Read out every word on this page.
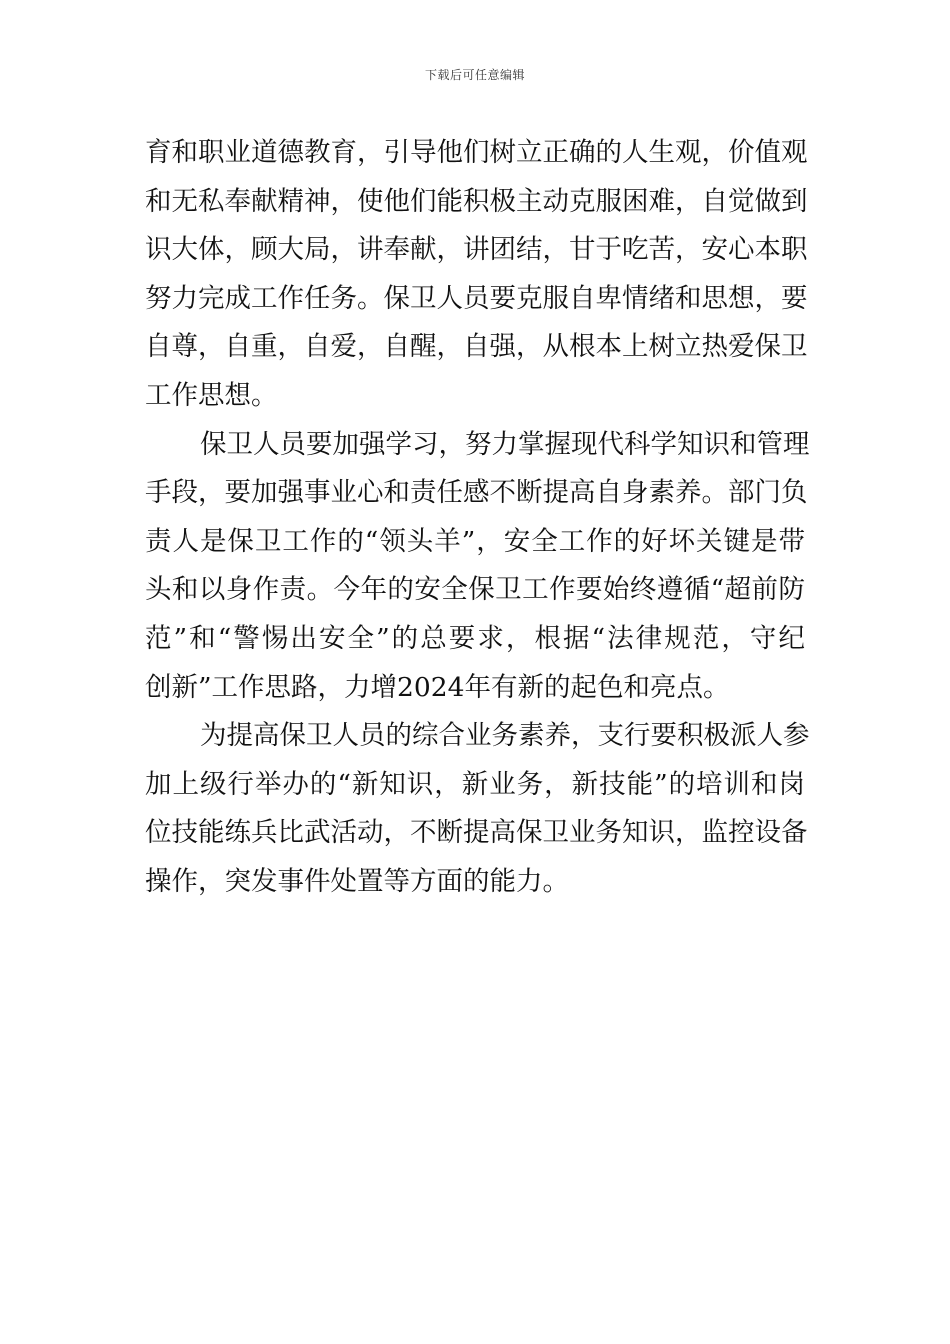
下载后可任意编辑
育和职业道德教育，引导他们树立正确的人生观，价值观
和无私奉献精神，使他们能积极主动克服困难，自觉做到
识大体，顾大局，讲奉献，讲团结，甘于吃苦，安心本职
努力完成工作任务。保卫人员要克服自卑情绪和思想，要
自尊，自重，自爱，自醒，自强，从根本上树立热爱保卫
工作思想。
保卫人员要加强学习，努力掌握现代科学知识和管理
手段，要加强事业心和责任感不断提高自身素养。部门负
责人是保卫工作的“领头羊”，安全工作的好坏关键是带
头和以身作责。今年的安全保卫工作要始终遵循“超前防
范”和“警惕出安全”的总要求，根据“法律规范，守纪
创新”工作思路，力增2024年有新的起色和亮点。
为提高保卫人员的综合业务素养，支行要积极派人参
加上级行举办的“新知识，新业务，新技能”的培训和岗
位技能练兵比武活动，不断提高保卫业务知识，监控设备
操作，突发事件处置等方面的能力。
